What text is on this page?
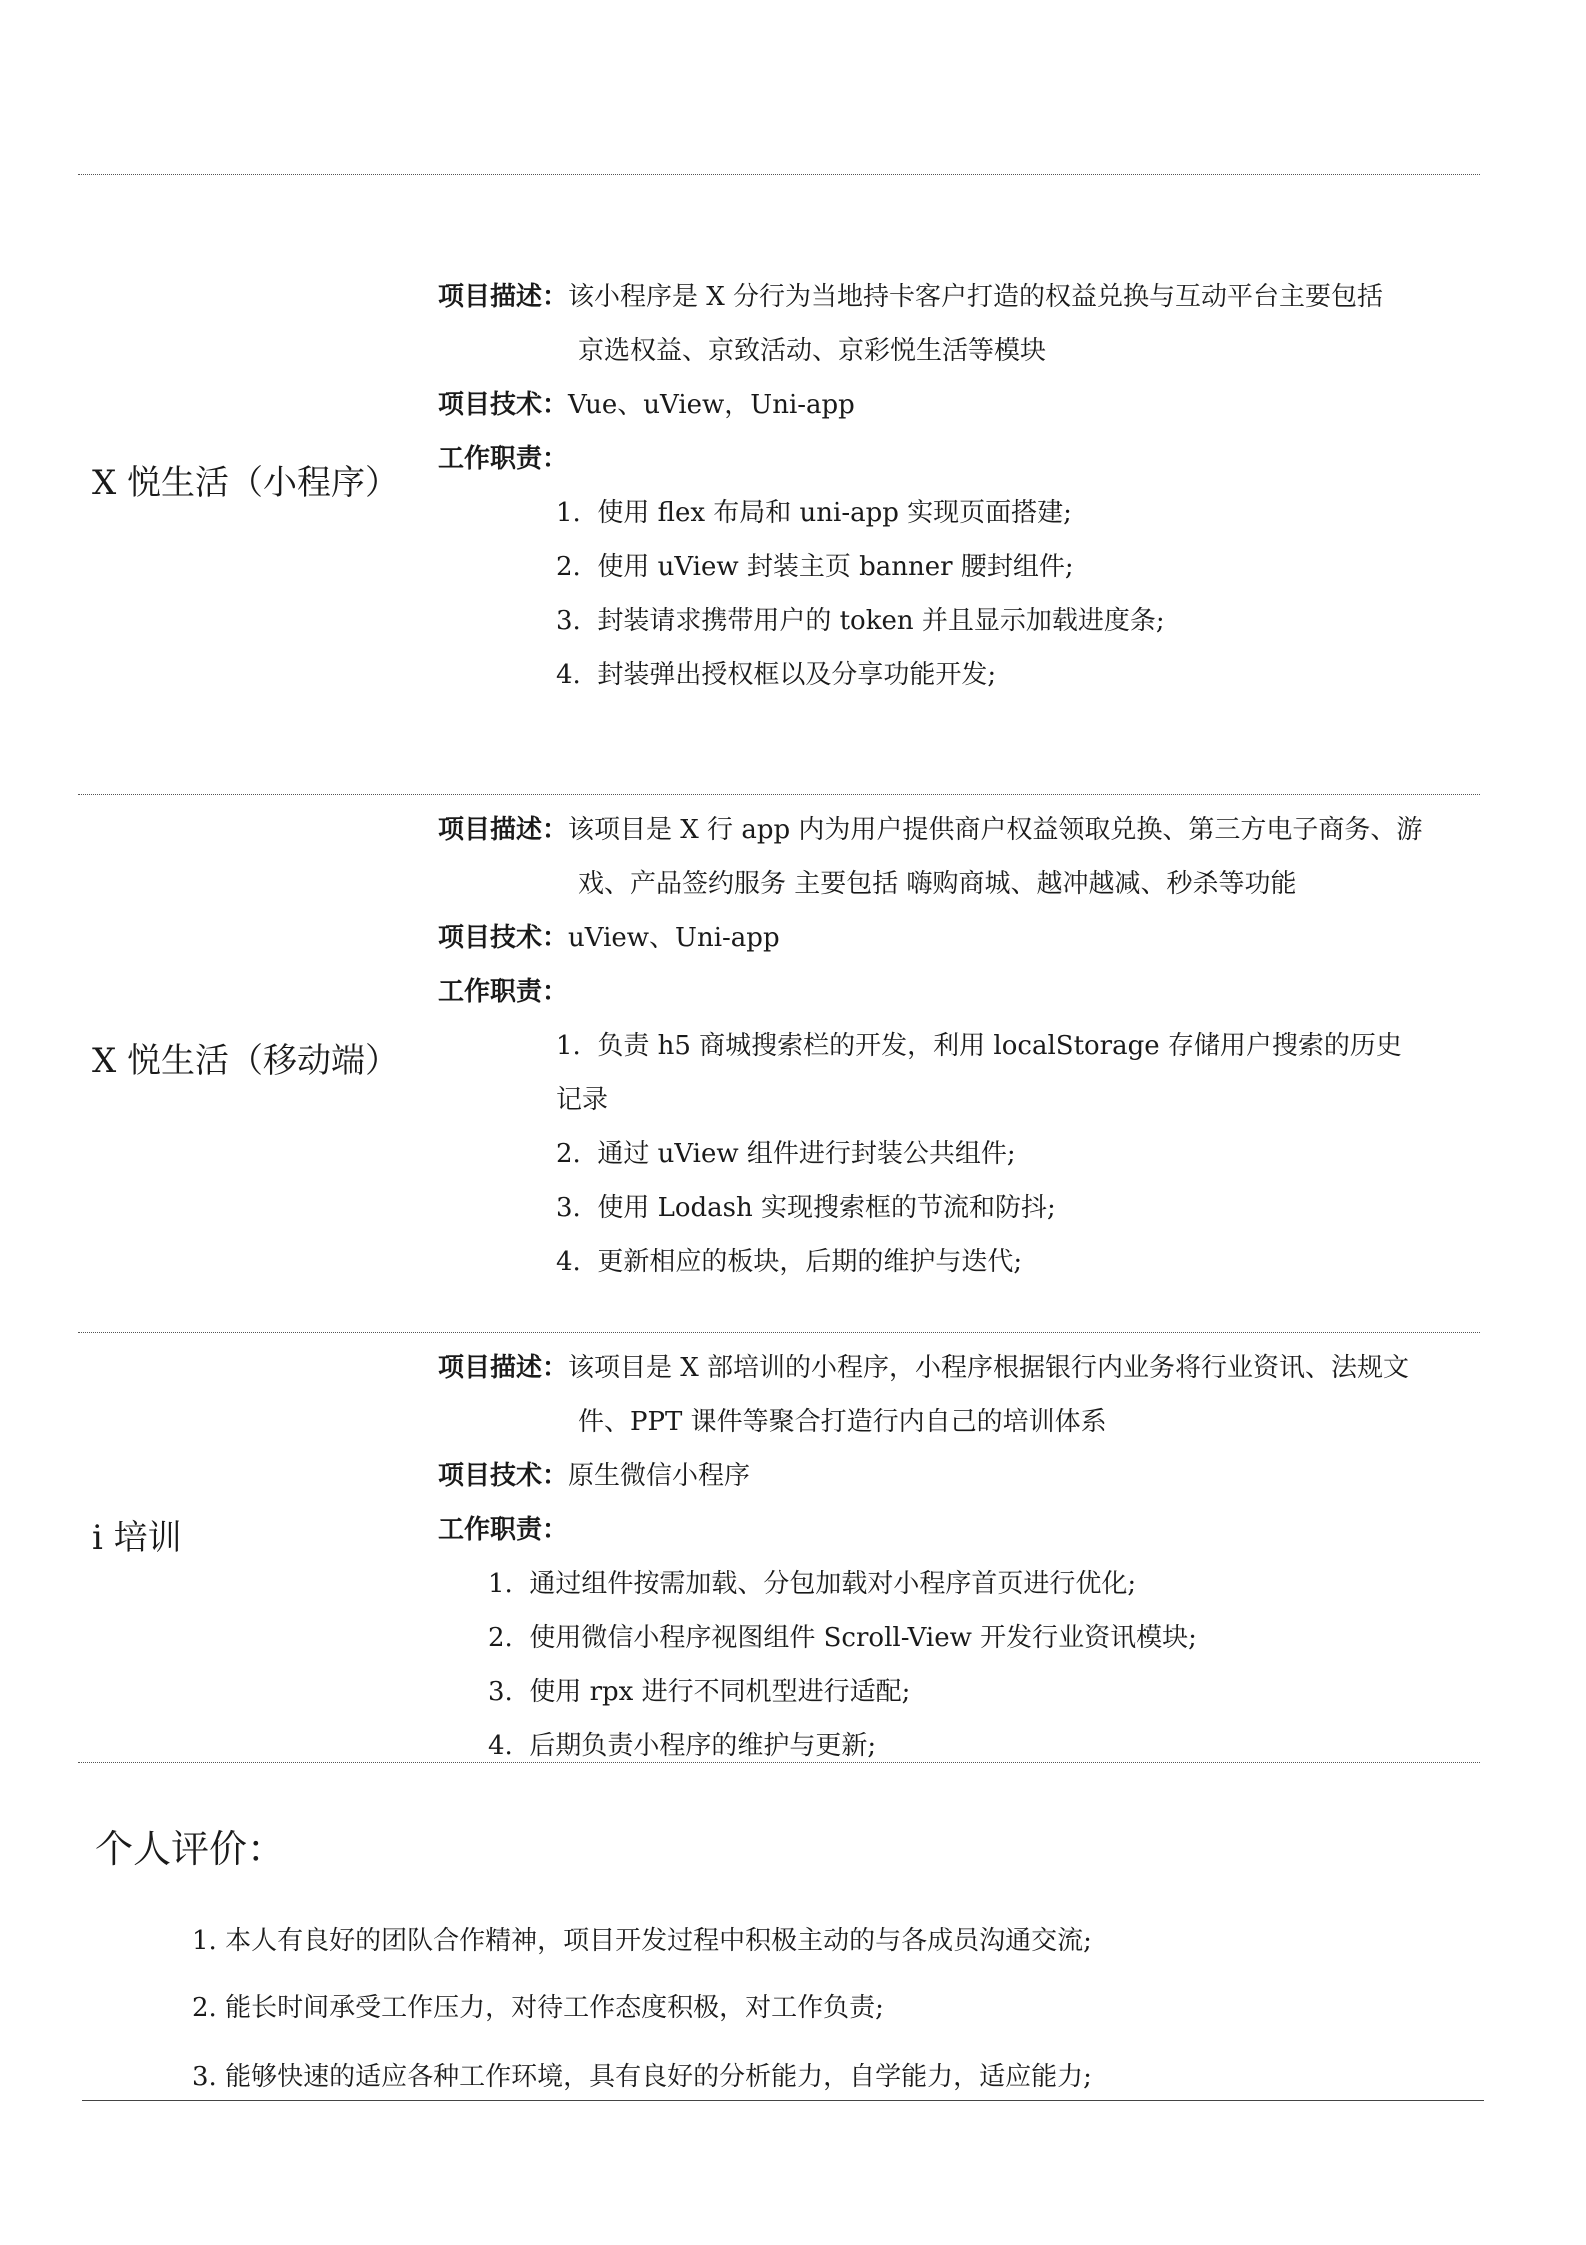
X 悦生活（小程序）
项目描述：该小程序是 X 分行为当地持卡客户打造的权益兑换与互动平台主要包括
京选权益、京致活动、京彩悦生活等模块
项目技术：Vue、uView，Uni-app
工作职责：
1. 使用 flex 布局和 uni-app 实现页面搭建;
2. 使用 uView 封装主页 banner 腰封组件;
3. 封装请求携带用户的 token 并且显示加载进度条;
4. 封装弹出授权框以及分享功能开发;
X 悦生活（移动端）
项目描述：该项目是 X 行 app 内为用户提供商户权益领取兑换、第三方电子商务、游
戏、产品签约服务 主要包括 嗨购商城、越冲越减、秒杀等功能
项目技术：uView、Uni-app
工作职责：
1. 负责 h5 商城搜索栏的开发，利用 localStorage 存储用户搜索的历史
记录
2. 通过 uView 组件进行封装公共组件;
3. 使用 Lodash 实现搜索框的节流和防抖;
4. 更新相应的板块，后期的维护与迭代;
i 培训
项目描述：该项目是 X 部培训的小程序，小程序根据银行内业务将行业资讯、法规文
件、PPT 课件等聚合打造行内自己的培训体系
项目技术：原生微信小程序
工作职责：
1. 通过组件按需加载、分包加载对小程序首页进行优化;
2. 使用微信小程序视图组件 Scroll-View 开发行业资讯模块;
3. 使用 rpx 进行不同机型进行适配;
4. 后期负责小程序的维护与更新;
个人评价：
1. 本人有良好的团队合作精神，项目开发过程中积极主动的与各成员沟通交流;
2. 能长时间承受工作压力，对待工作态度积极，对工作负责;
3. 能够快速的适应各种工作环境，具有良好的分析能力，自学能力，适应能力;
